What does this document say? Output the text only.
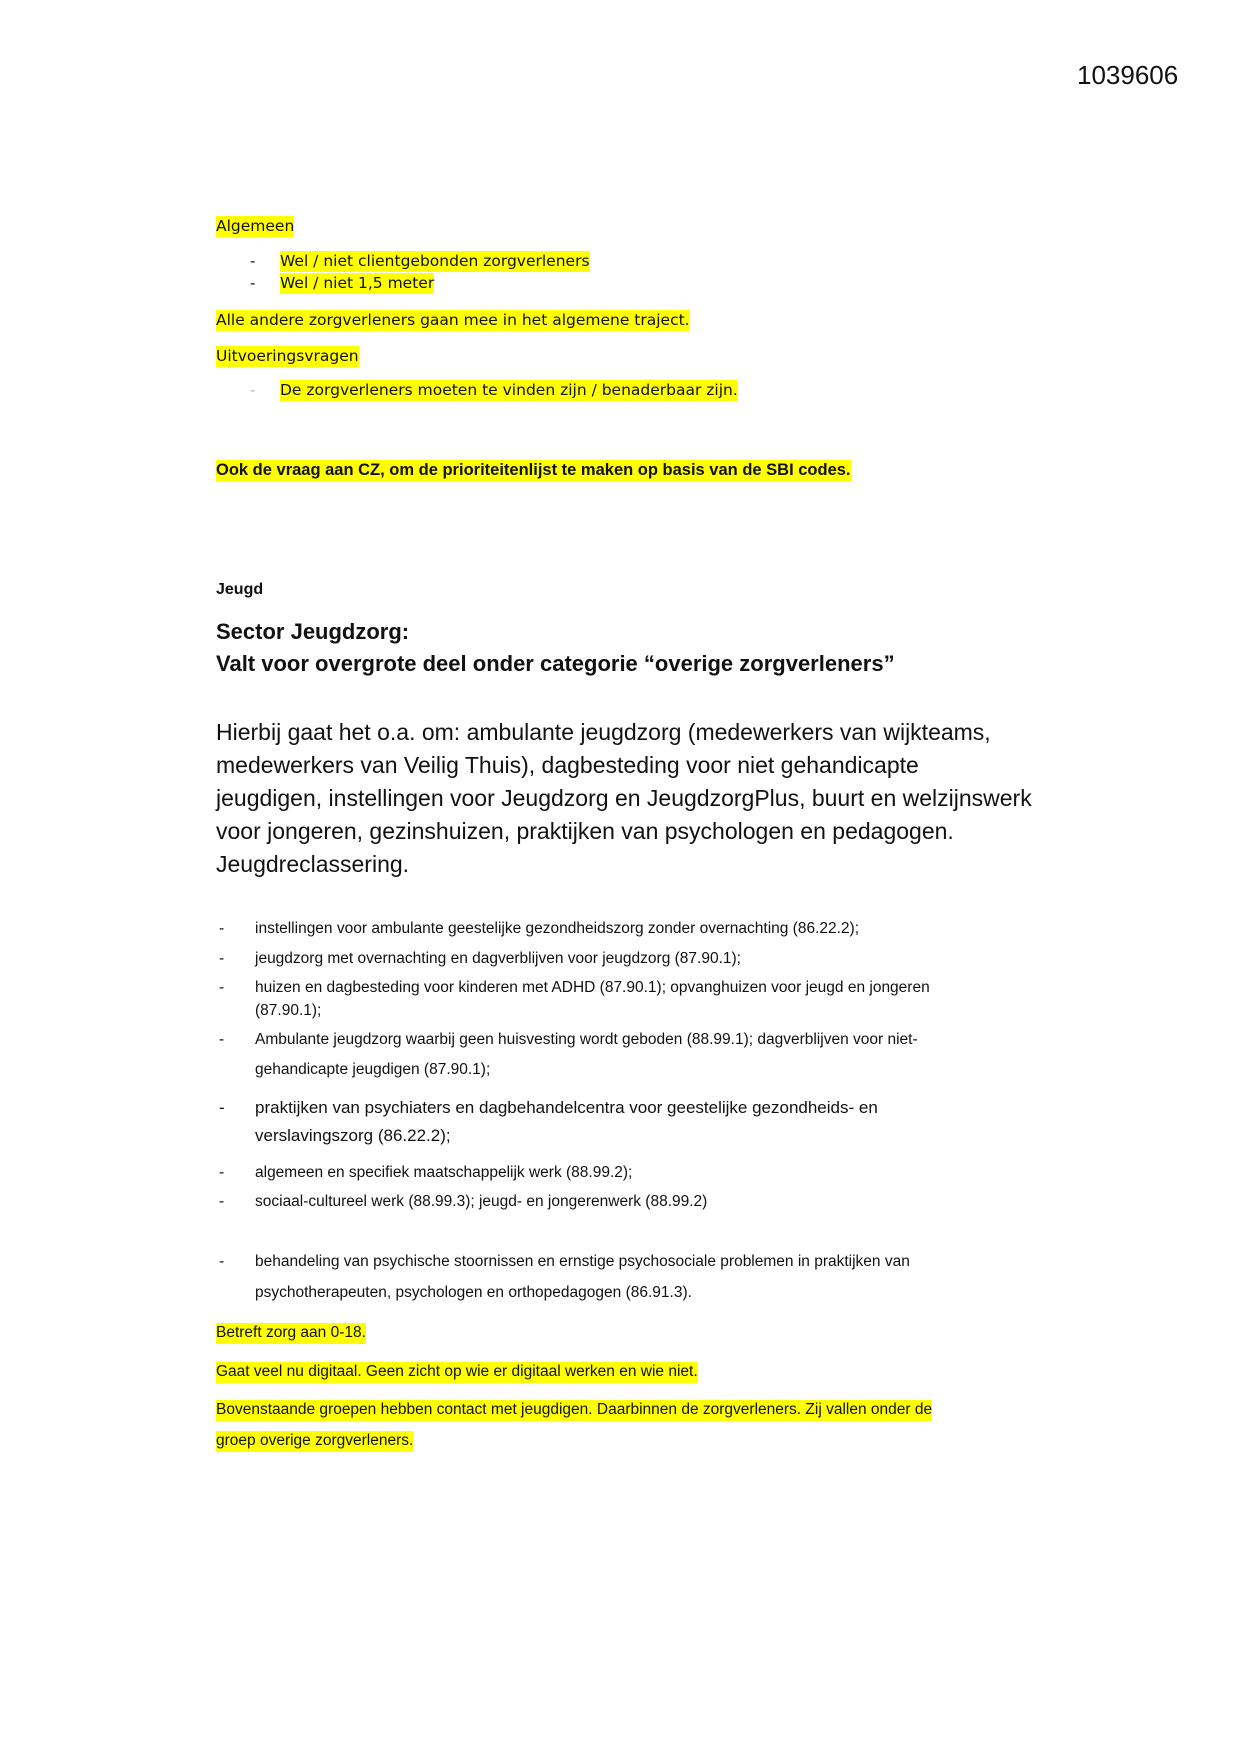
1039606
Algemeen
- Wel / niet clientgebonden zorgverleners
- Wel / niet 1,5 meter
Alle andere zorgverleners gaan mee in het algemene traject.
Uitvoeringsvragen
- De zorgverleners moeten te vinden zijn / benaderbaar zijn.
Ook de vraag aan CZ, om de prioriteitenlijst te maken op basis van de SBI codes.
Jeugd
Sector Jeugdzorg:
Valt voor overgrote deel onder categorie “overige zorgverleners”
Hierbij gaat het o.a. om: ambulante jeugdzorg (medewerkers van wijkteams,
medewerkers van Veilig Thuis), dagbesteding voor niet gehandicapte
jeugdigen, instellingen voor Jeugdzorg en JeugdzorgPlus, buurt en welzijnswerk
voor jongeren, gezinshuizen, praktijken van psychologen en pedagogen.
Jeugdreclassering.
- instellingen voor ambulante geestelijke gezondheidszorg zonder overnachting (86.22.2);
- jeugdzorg met overnachting en dagverblijven voor jeugdzorg (87.90.1);
- huizen en dagbesteding voor kinderen met ADHD (87.90.1); opvanghuizen voor jeugd en jongeren
(87.90.1);
- Ambulante jeugdzorg waarbij geen huisvesting wordt geboden (88.99.1); dagverblijven voor niet-
gehandicapte jeugdigen (87.90.1);
- praktijken van psychiaters en dagbehandelcentra voor geestelijke gezondheids- en
verslavingszorg (86.22.2);
- algemeen en specifiek maatschappelijk werk (88.99.2);
- sociaal-cultureel werk (88.99.3); jeugd- en jongerenwerk (88.99.2)
- behandeling van psychische stoornissen en ernstige psychosociale problemen in praktijken van
psychotherapeuten, psychologen en orthopedagogen (86.91.3).
Betreft zorg aan 0-18.
Gaat veel nu digitaal. Geen zicht op wie er digitaal werken en wie niet.
Bovenstaande groepen hebben contact met jeugdigen. Daarbinnen de zorgverleners. Zij vallen onder de
groep overige zorgverleners.
